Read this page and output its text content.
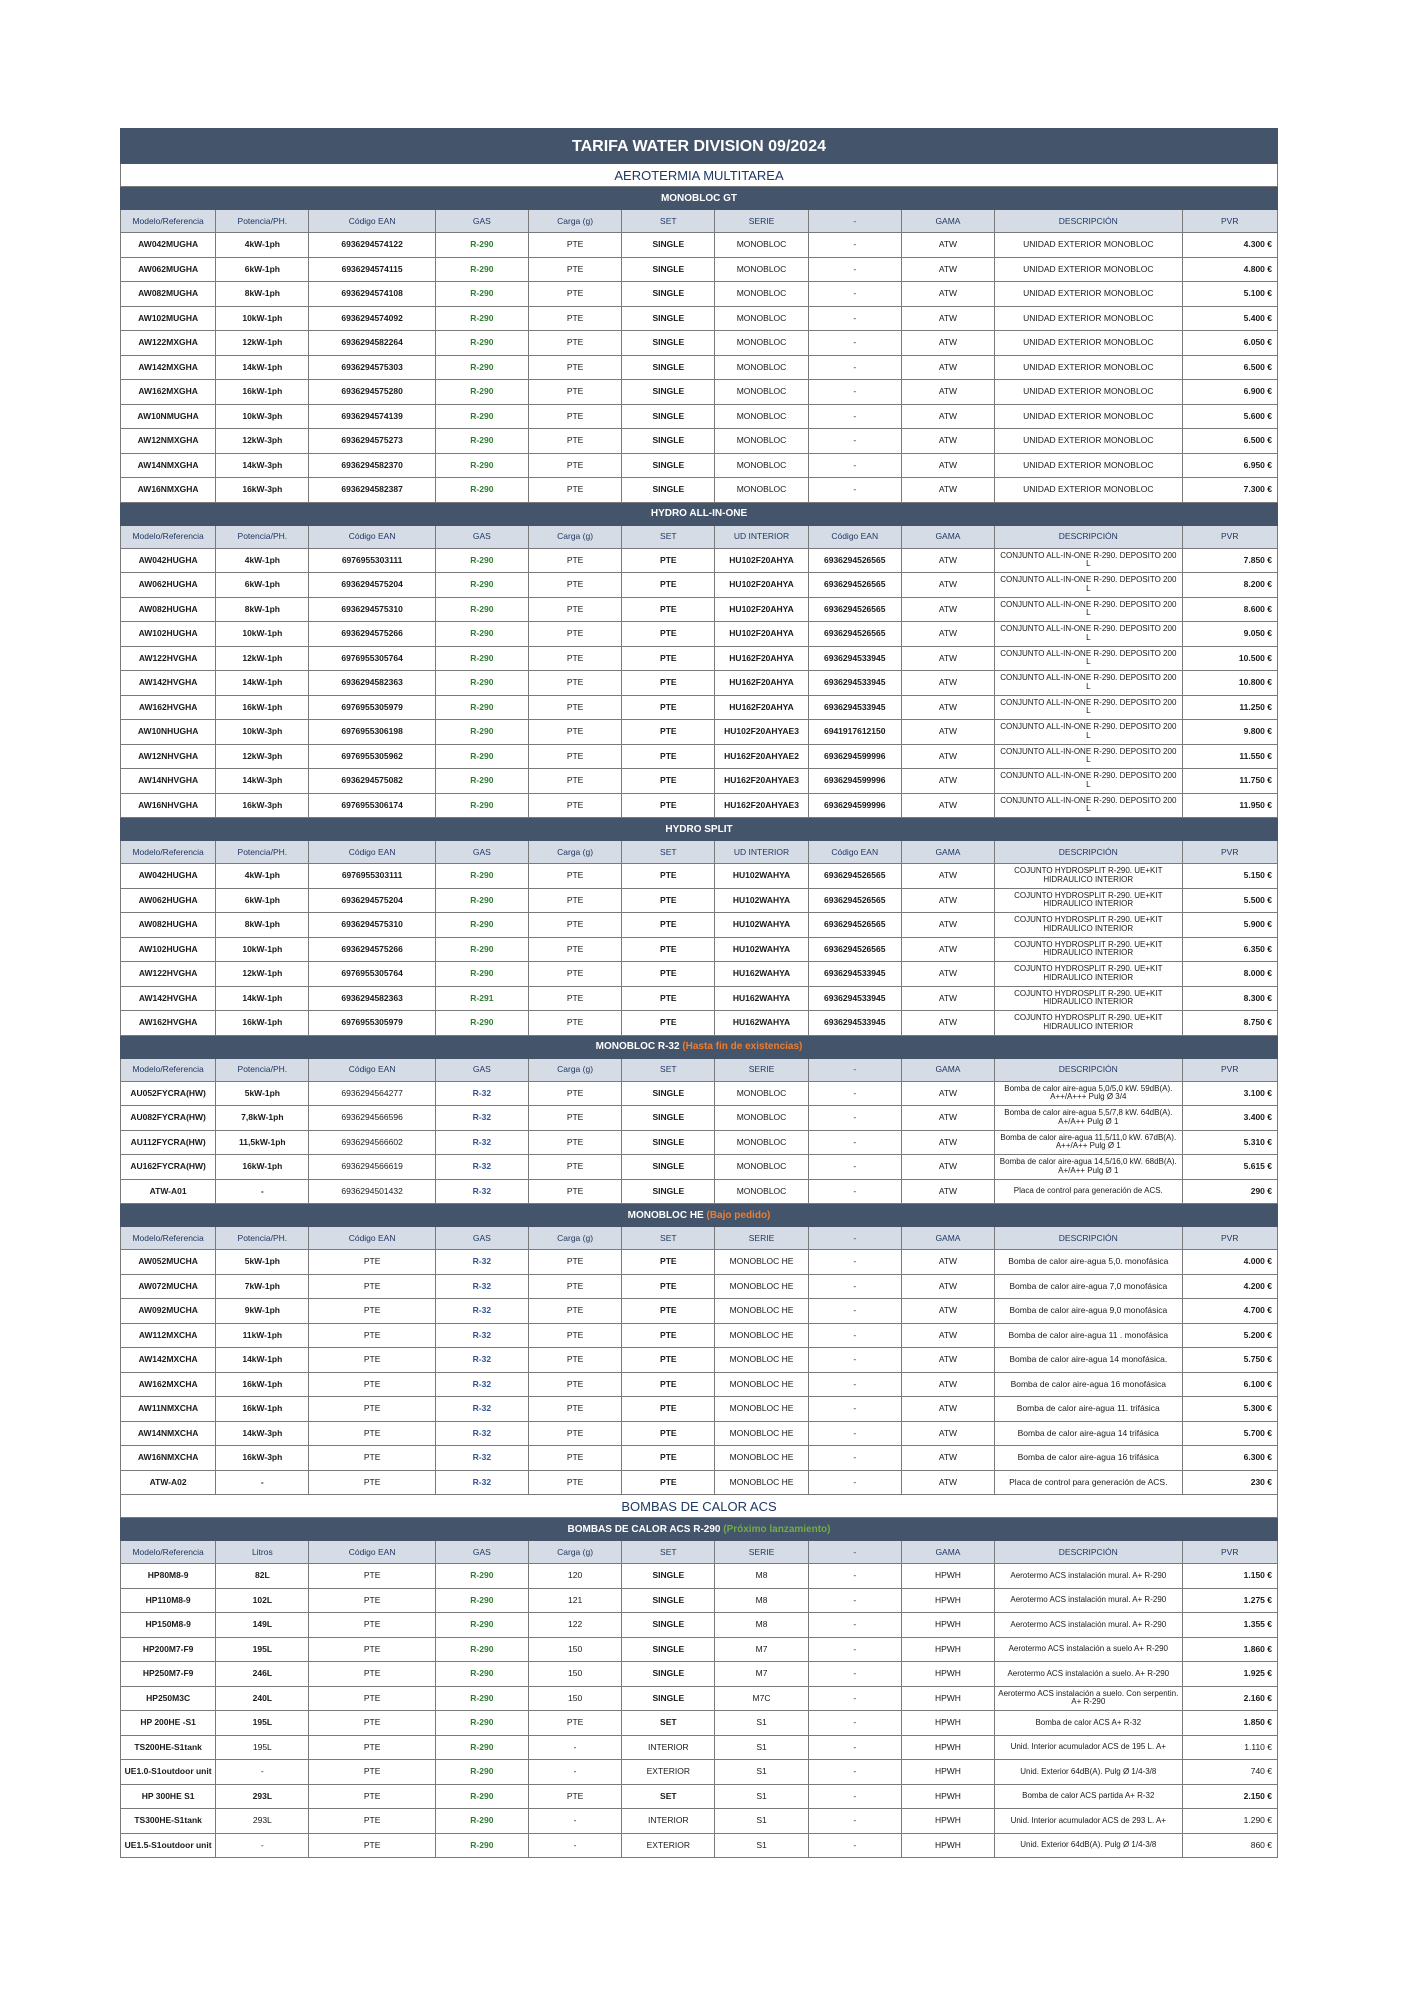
TARIFA WATER DIVISION 09/2024										
AEROTERMIA MULTITAREA										
MONOBLOC GT										
Modelo/Referencia	Potencia/PH.	Código EAN	GAS	Carga (g)	SET	SERIE	-	GAMA	DESCRIPCIÓN	PVR
AW042MUGHA	4kW-1ph	6936294574122	R-290	PTE	SINGLE	MONOBLOC	-	ATW	UNIDAD EXTERIOR MONOBLOC	4.300 €
AW062MUGHA	6kW-1ph	6936294574115	R-290	PTE	SINGLE	MONOBLOC	-	ATW	UNIDAD EXTERIOR MONOBLOC	4.800 €
AW082MUGHA	8kW-1ph	6936294574108	R-290	PTE	SINGLE	MONOBLOC	-	ATW	UNIDAD EXTERIOR MONOBLOC	5.100 €
AW102MUGHA	10kW-1ph	6936294574092	R-290	PTE	SINGLE	MONOBLOC	-	ATW	UNIDAD EXTERIOR MONOBLOC	5.400 €
AW122MXGHA	12kW-1ph	6936294582264	R-290	PTE	SINGLE	MONOBLOC	-	ATW	UNIDAD EXTERIOR MONOBLOC	6.050 €
AW142MXGHA	14kW-1ph	6936294575303	R-290	PTE	SINGLE	MONOBLOC	-	ATW	UNIDAD EXTERIOR MONOBLOC	6.500 €
AW162MXGHA	16kW-1ph	6936294575280	R-290	PTE	SINGLE	MONOBLOC	-	ATW	UNIDAD EXTERIOR MONOBLOC	6.900 €
AW10NMUGHA	10kW-3ph	6936294574139	R-290	PTE	SINGLE	MONOBLOC	-	ATW	UNIDAD EXTERIOR MONOBLOC	5.600 €
AW12NMXGHA	12kW-3ph	6936294575273	R-290	PTE	SINGLE	MONOBLOC	-	ATW	UNIDAD EXTERIOR MONOBLOC	6.500 €
AW14NMXGHA	14kW-3ph	6936294582370	R-290	PTE	SINGLE	MONOBLOC	-	ATW	UNIDAD EXTERIOR MONOBLOC	6.950 €
AW16NMXGHA	16kW-3ph	6936294582387	R-290	PTE	SINGLE	MONOBLOC	-	ATW	UNIDAD EXTERIOR MONOBLOC	7.300 €
HYDRO ALL-IN-ONE										
Modelo/Referencia	Potencia/PH.	Código EAN	GAS	Carga (g)	SET	UD INTERIOR	Código EAN	GAMA	DESCRIPCIÓN	PVR
AW042HUGHA	4kW-1ph	6976955303111	R-290	PTE	PTE	HU102F20AHYA	6936294526565	ATW	CONJUNTO ALL-IN-ONE R-290. DEPOSITO 200 L	7.850 €
AW062HUGHA	6kW-1ph	6936294575204	R-290	PTE	PTE	HU102F20AHYA	6936294526565	ATW	CONJUNTO ALL-IN-ONE R-290. DEPOSITO 200 L	8.200 €
AW082HUGHA	8kW-1ph	6936294575310	R-290	PTE	PTE	HU102F20AHYA	6936294526565	ATW	CONJUNTO ALL-IN-ONE R-290. DEPOSITO 200 L	8.600 €
AW102HUGHA	10kW-1ph	6936294575266	R-290	PTE	PTE	HU102F20AHYA	6936294526565	ATW	CONJUNTO ALL-IN-ONE R-290. DEPOSITO 200 L	9.050 €
AW122HVGHA	12kW-1ph	6976955305764	R-290	PTE	PTE	HU162F20AHYA	6936294533945	ATW	CONJUNTO ALL-IN-ONE R-290. DEPOSITO 200 L	10.500 €
AW142HVGHA	14kW-1ph	6936294582363	R-290	PTE	PTE	HU162F20AHYA	6936294533945	ATW	CONJUNTO ALL-IN-ONE R-290. DEPOSITO 200 L	10.800 €
AW162HVGHA	16kW-1ph	6976955305979	R-290	PTE	PTE	HU162F20AHYA	6936294533945	ATW	CONJUNTO ALL-IN-ONE R-290. DEPOSITO 200 L	11.250 €
AW10NHUGHA	10kW-3ph	6976955306198	R-290	PTE	PTE	HU102F20AHYAE3	6941917612150	ATW	CONJUNTO ALL-IN-ONE R-290. DEPOSITO 200 L	9.800 €
AW12NHVGHA	12kW-3ph	6976955305962	R-290	PTE	PTE	HU162F20AHYAE2	6936294599996	ATW	CONJUNTO ALL-IN-ONE R-290. DEPOSITO 200 L	11.550 €
AW14NHVGHA	14kW-3ph	6936294575082	R-290	PTE	PTE	HU162F20AHYAE3	6936294599996	ATW	CONJUNTO ALL-IN-ONE R-290. DEPOSITO 200 L	11.750 €
AW16NHVGHA	16kW-3ph	6976955306174	R-290	PTE	PTE	HU162F20AHYAE3	6936294599996	ATW	CONJUNTO ALL-IN-ONE R-290. DEPOSITO 200 L	11.950 €
HYDRO SPLIT										
Modelo/Referencia	Potencia/PH.	Código EAN	GAS	Carga (g)	SET	UD INTERIOR	Código EAN	GAMA	DESCRIPCIÓN	PVR
AW042HUGHA	4kW-1ph	6976955303111	R-290	PTE	PTE	HU102WAHYA	6936294526565	ATW	COJUNTO HYDROSPLIT R-290. UE+KIT HIDRAULICO INTERIOR	5.150 €
AW062HUGHA	6kW-1ph	6936294575204	R-290	PTE	PTE	HU102WAHYA	6936294526565	ATW	COJUNTO HYDROSPLIT R-290. UE+KIT HIDRAULICO INTERIOR	5.500 €
AW082HUGHA	8kW-1ph	6936294575310	R-290	PTE	PTE	HU102WAHYA	6936294526565	ATW	COJUNTO HYDROSPLIT R-290. UE+KIT HIDRAULICO INTERIOR	5.900 €
AW102HUGHA	10kW-1ph	6936294575266	R-290	PTE	PTE	HU102WAHYA	6936294526565	ATW	COJUNTO HYDROSPLIT R-290. UE+KIT HIDRAULICO INTERIOR	6.350 €
AW122HVGHA	12kW-1ph	6976955305764	R-290	PTE	PTE	HU162WAHYA	6936294533945	ATW	COJUNTO HYDROSPLIT R-290. UE+KIT HIDRAULICO INTERIOR	8.000 €
AW142HVGHA	14kW-1ph	6936294582363	R-291	PTE	PTE	HU162WAHYA	6936294533945	ATW	COJUNTO HYDROSPLIT R-290. UE+KIT HIDRAULICO INTERIOR	8.300 €
AW162HVGHA	16kW-1ph	6976955305979	R-290	PTE	PTE	HU162WAHYA	6936294533945	ATW	COJUNTO HYDROSPLIT R-290. UE+KIT HIDRAULICO INTERIOR	8.750 €
MONOBLOC R-32 (Hasta fin de existencias)										
Modelo/Referencia	Potencia/PH.	Código EAN	GAS	Carga (g)	SET	SERIE	-	GAMA	DESCRIPCIÓN	PVR
AU052FYCRA(HW)	5kW-1ph	6936294564277	R-32	PTE	SINGLE	MONOBLOC	-	ATW	Bomba de calor aire-agua 5,0/5,0 kW. 59dB(A). A++/A+++ Pulg Ø 3/4	3.100 €
AU082FYCRA(HW)	7,8kW-1ph	6936294566596	R-32	PTE	SINGLE	MONOBLOC	-	ATW	Bomba de calor aire-agua 5,5/7,8 kW. 64dB(A). A+/A++ Pulg Ø 1	3.400 €
AU112FYCRA(HW)	11,5kW-1ph	6936294566602	R-32	PTE	SINGLE	MONOBLOC	-	ATW	Bomba de calor aire-agua 11,5/11,0 kW. 67dB(A). A++/A++ Pulg Ø 1	5.310 €
AU162FYCRA(HW)	16kW-1ph	6936294566619	R-32	PTE	SINGLE	MONOBLOC	-	ATW	Bomba de calor aire-agua 14,5/16,0 kW. 68dB(A). A+/A++ Pulg Ø 1	5.615 €
ATW-A01	-	6936294501432	R-32	PTE	SINGLE	MONOBLOC	-	ATW	Placa de control para generación de ACS.	290 €
MONOBLOC HE (Bajo pedido)										
Modelo/Referencia	Potencia/PH.	Código EAN	GAS	Carga (g)	SET	SERIE	-	GAMA	DESCRIPCIÓN	PVR
AW052MUCHA	5kW-1ph	PTE	R-32	PTE	PTE	MONOBLOC HE	-	ATW	Bomba de calor aire-agua 5,0. monofásica	4.000 €
AW072MUCHA	7kW-1ph	PTE	R-32	PTE	PTE	MONOBLOC HE	-	ATW	Bomba de calor aire-agua 7,0 monofásica	4.200 €
AW092MUCHA	9kW-1ph	PTE	R-32	PTE	PTE	MONOBLOC HE	-	ATW	Bomba de calor aire-agua 9,0 monofásica	4.700 €
AW112MXCHA	11kW-1ph	PTE	R-32	PTE	PTE	MONOBLOC HE	-	ATW	Bomba de calor aire-agua 11 . monofásica	5.200 €
AW142MXCHA	14kW-1ph	PTE	R-32	PTE	PTE	MONOBLOC HE	-	ATW	Bomba de calor aire-agua 14 monofásica.	5.750 €
AW162MXCHA	16kW-1ph	PTE	R-32	PTE	PTE	MONOBLOC HE	-	ATW	Bomba de calor aire-agua 16 monofásica	6.100 €
AW11NMXCHA	16kW-1ph	PTE	R-32	PTE	PTE	MONOBLOC HE	-	ATW	Bomba de calor aire-agua 11. trifásica	5.300 €
AW14NMXCHA	14kW-3ph	PTE	R-32	PTE	PTE	MONOBLOC HE	-	ATW	Bomba de calor aire-agua 14 trifásica	5.700 €
AW16NMXCHA	16kW-3ph	PTE	R-32	PTE	PTE	MONOBLOC HE	-	ATW	Bomba de calor aire-agua 16 trifásica	6.300 €
ATW-A02	-	PTE	R-32	PTE	PTE	MONOBLOC HE	-	ATW	Placa de control para generación de ACS.	230 €
BOMBAS DE CALOR ACS										
BOMBAS DE CALOR ACS R-290 (Próximo lanzamiento)										
Modelo/Referencia	Litros	Código EAN	GAS	Carga (g)	SET	SERIE	-	GAMA	DESCRIPCIÓN	PVR
HP80M8-9	82L	PTE	R-290	120	SINGLE	M8	-	HPWH	Aerotermo ACS instalación mural. A+ R-290	1.150 €
HP110M8-9	102L	PTE	R-290	121	SINGLE	M8	-	HPWH	Aerotermo ACS instalación mural. A+ R-290	1.275 €
HP150M8-9	149L	PTE	R-290	122	SINGLE	M8	-	HPWH	Aerotermo ACS instalación mural. A+ R-290	1.355 €
HP200M7-F9	195L	PTE	R-290	150	SINGLE	M7	-	HPWH	Aerotermo ACS instalación a suelo A+ R-290	1.860 €
HP250M7-F9	246L	PTE	R-290	150	SINGLE	M7	-	HPWH	Aerotermo ACS instalación a suelo. A+ R-290	1.925 €
HP250M3C	240L	PTE	R-290	150	SINGLE	M7C	-	HPWH	Aerotermo ACS instalación a suelo. Con serpentin. A+ R-290	2.160 €
HP 200HE -S1	195L	PTE	R-290	PTE	SET	S1	-	HPWH	Bomba de calor ACS A+ R-32	1.850 €
TS200HE-S1tank	195L	PTE	R-290	-	INTERIOR	S1	-	HPWH	Unid. Interior acumulador ACS de 195 L. A+	1.110 €
UE1.0-S1outdoor unit	-	PTE	R-290	-	EXTERIOR	S1	-	HPWH	Unid. Exterior 64dB(A). Pulg Ø 1/4-3/8	740 €
HP 300HE S1	293L	PTE	R-290	PTE	SET	S1	-	HPWH	Bomba de calor ACS partida A+ R-32	2.150 €
TS300HE-S1tank	293L	PTE	R-290	-	INTERIOR	S1	-	HPWH	Unid. Interior acumulador ACS de 293 L. A+	1.290 €
UE1.5-S1outdoor unit	-	PTE	R-290	-	EXTERIOR	S1	-	HPWH	Unid. Exterior 64dB(A). Pulg Ø 1/4-3/8	860 €
